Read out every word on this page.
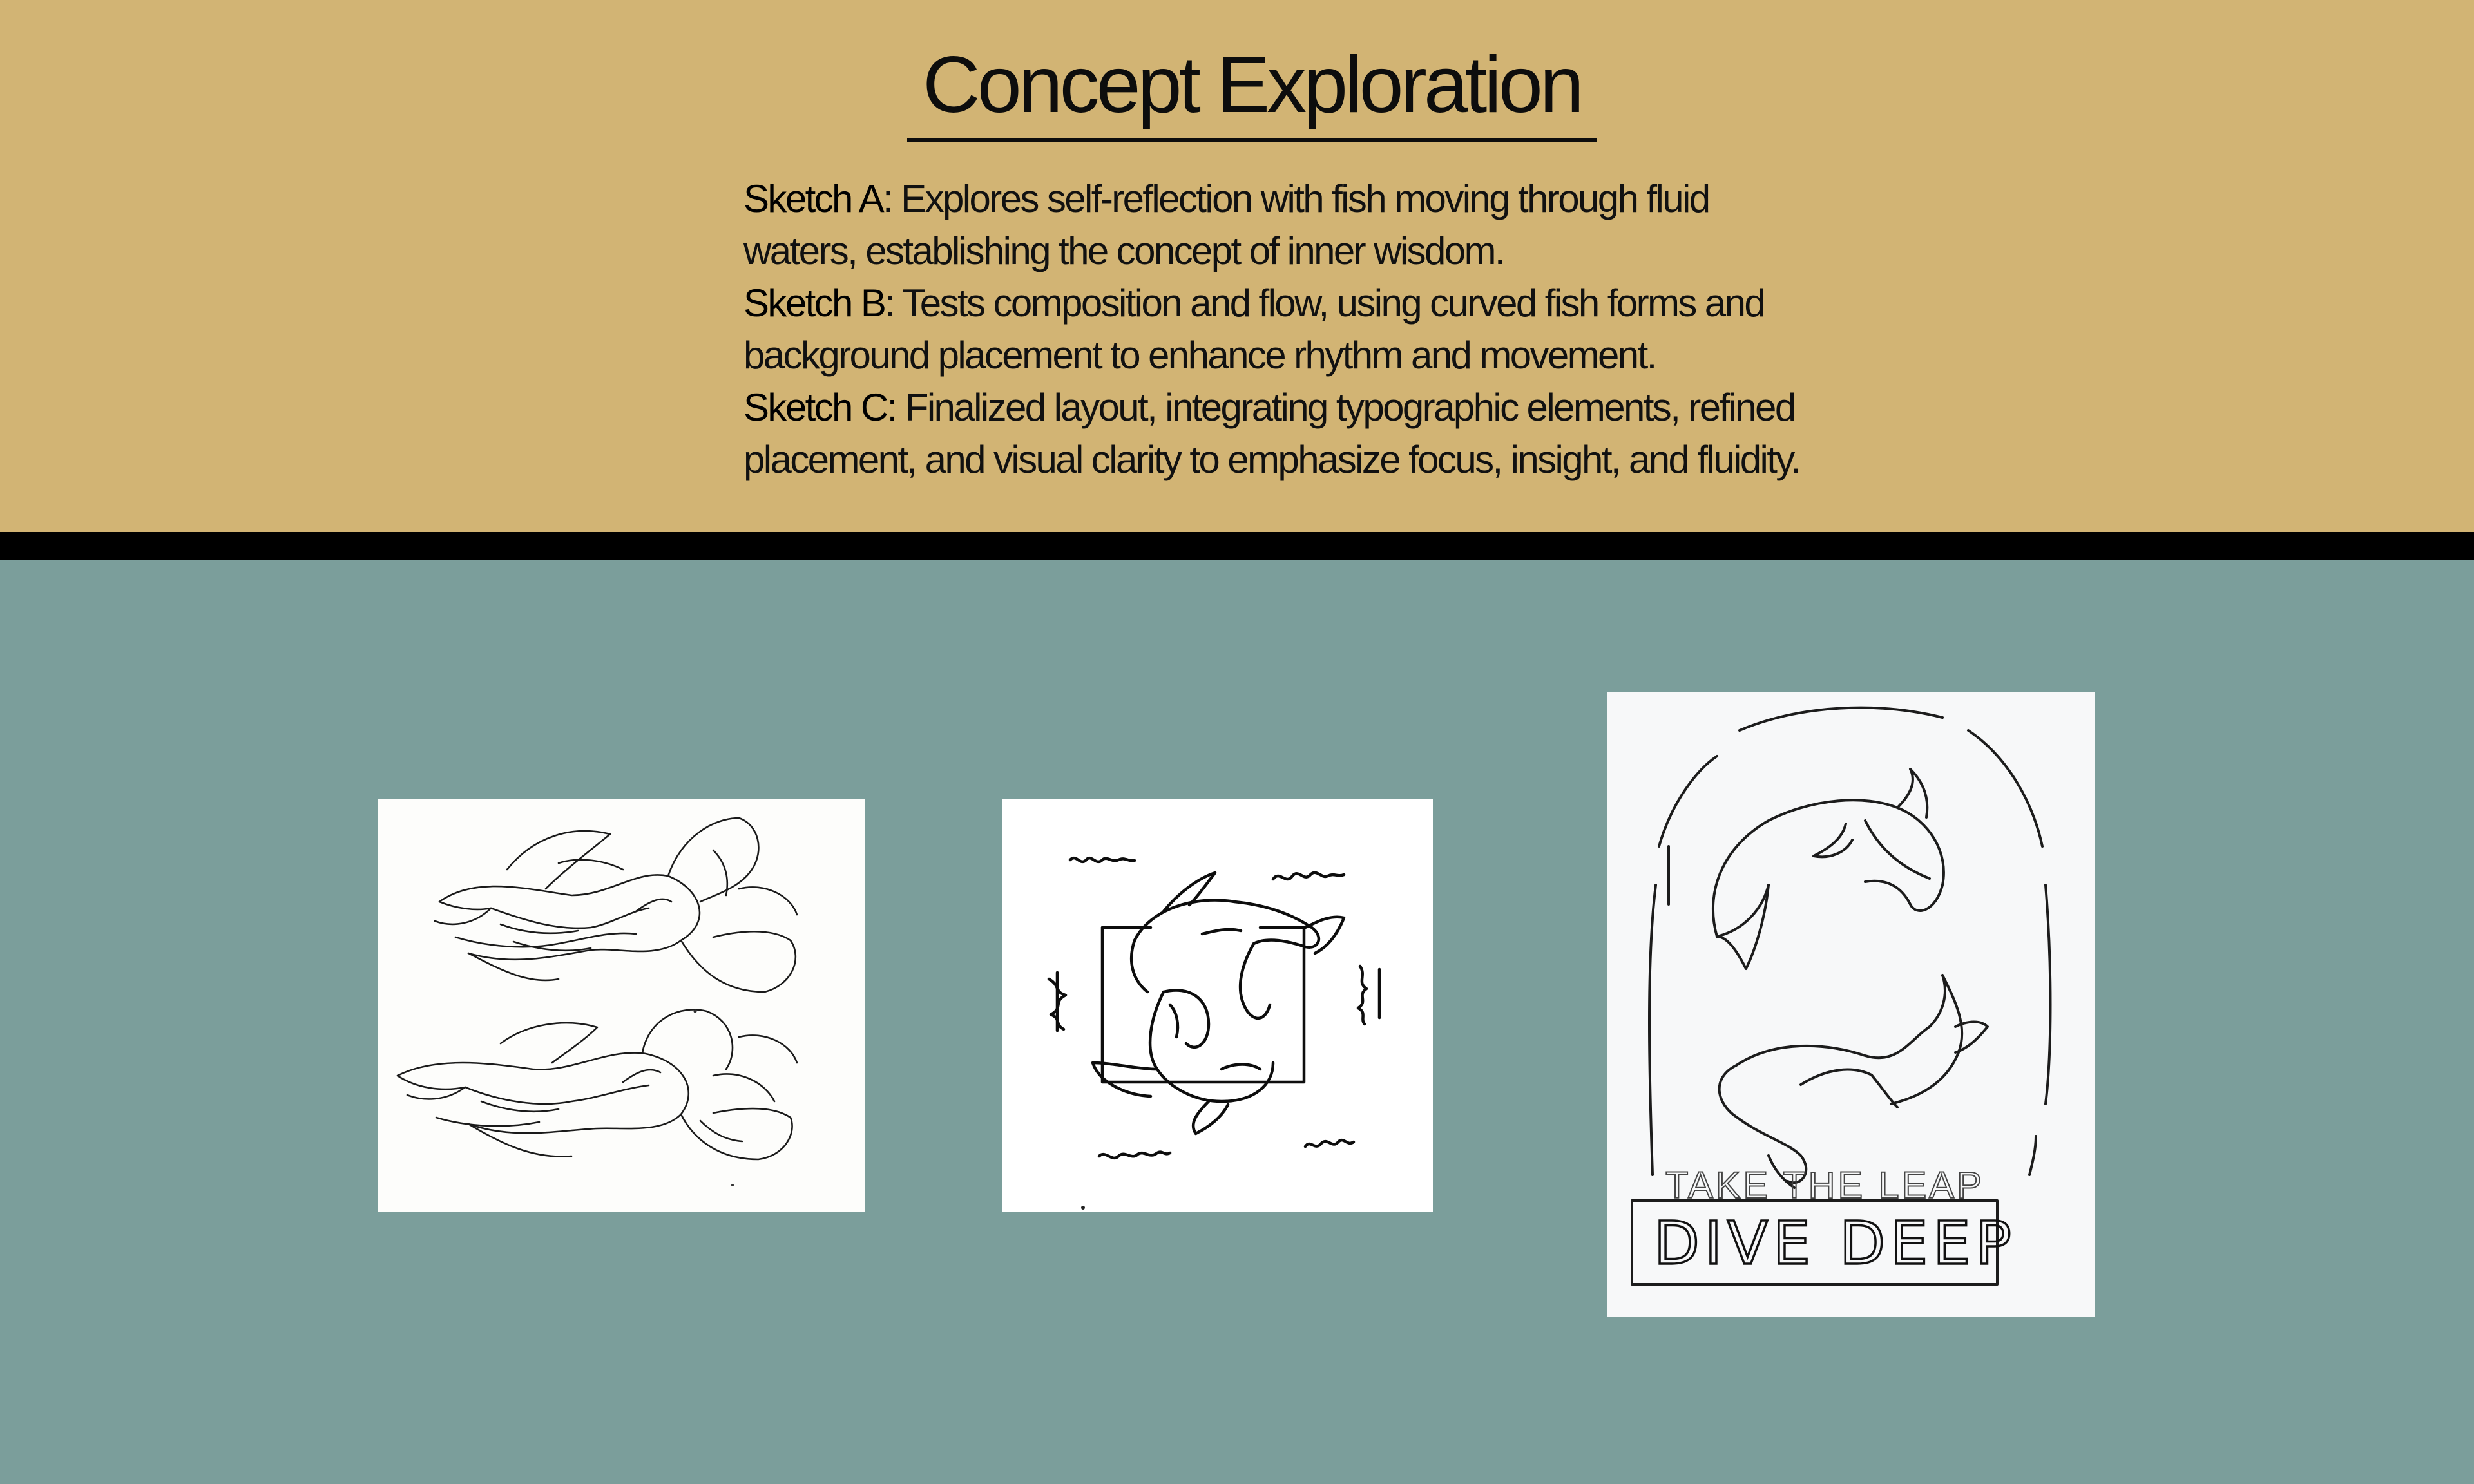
Concept Exploration

Sketch A: Explores self-reflection with fish moving through fluid

waters, establishing the concept of inner wisdom.

Sketch B: Tests composition and flow, using curved fish forms and

background placement to enhance rhythm and movement.

Sketch C: Finalized layout, integrating typographic elements, refined

placement, and visual clarity to emphasize focus, insight, and fluidity.

TAKE THE LEAP
DIVE DEEP
